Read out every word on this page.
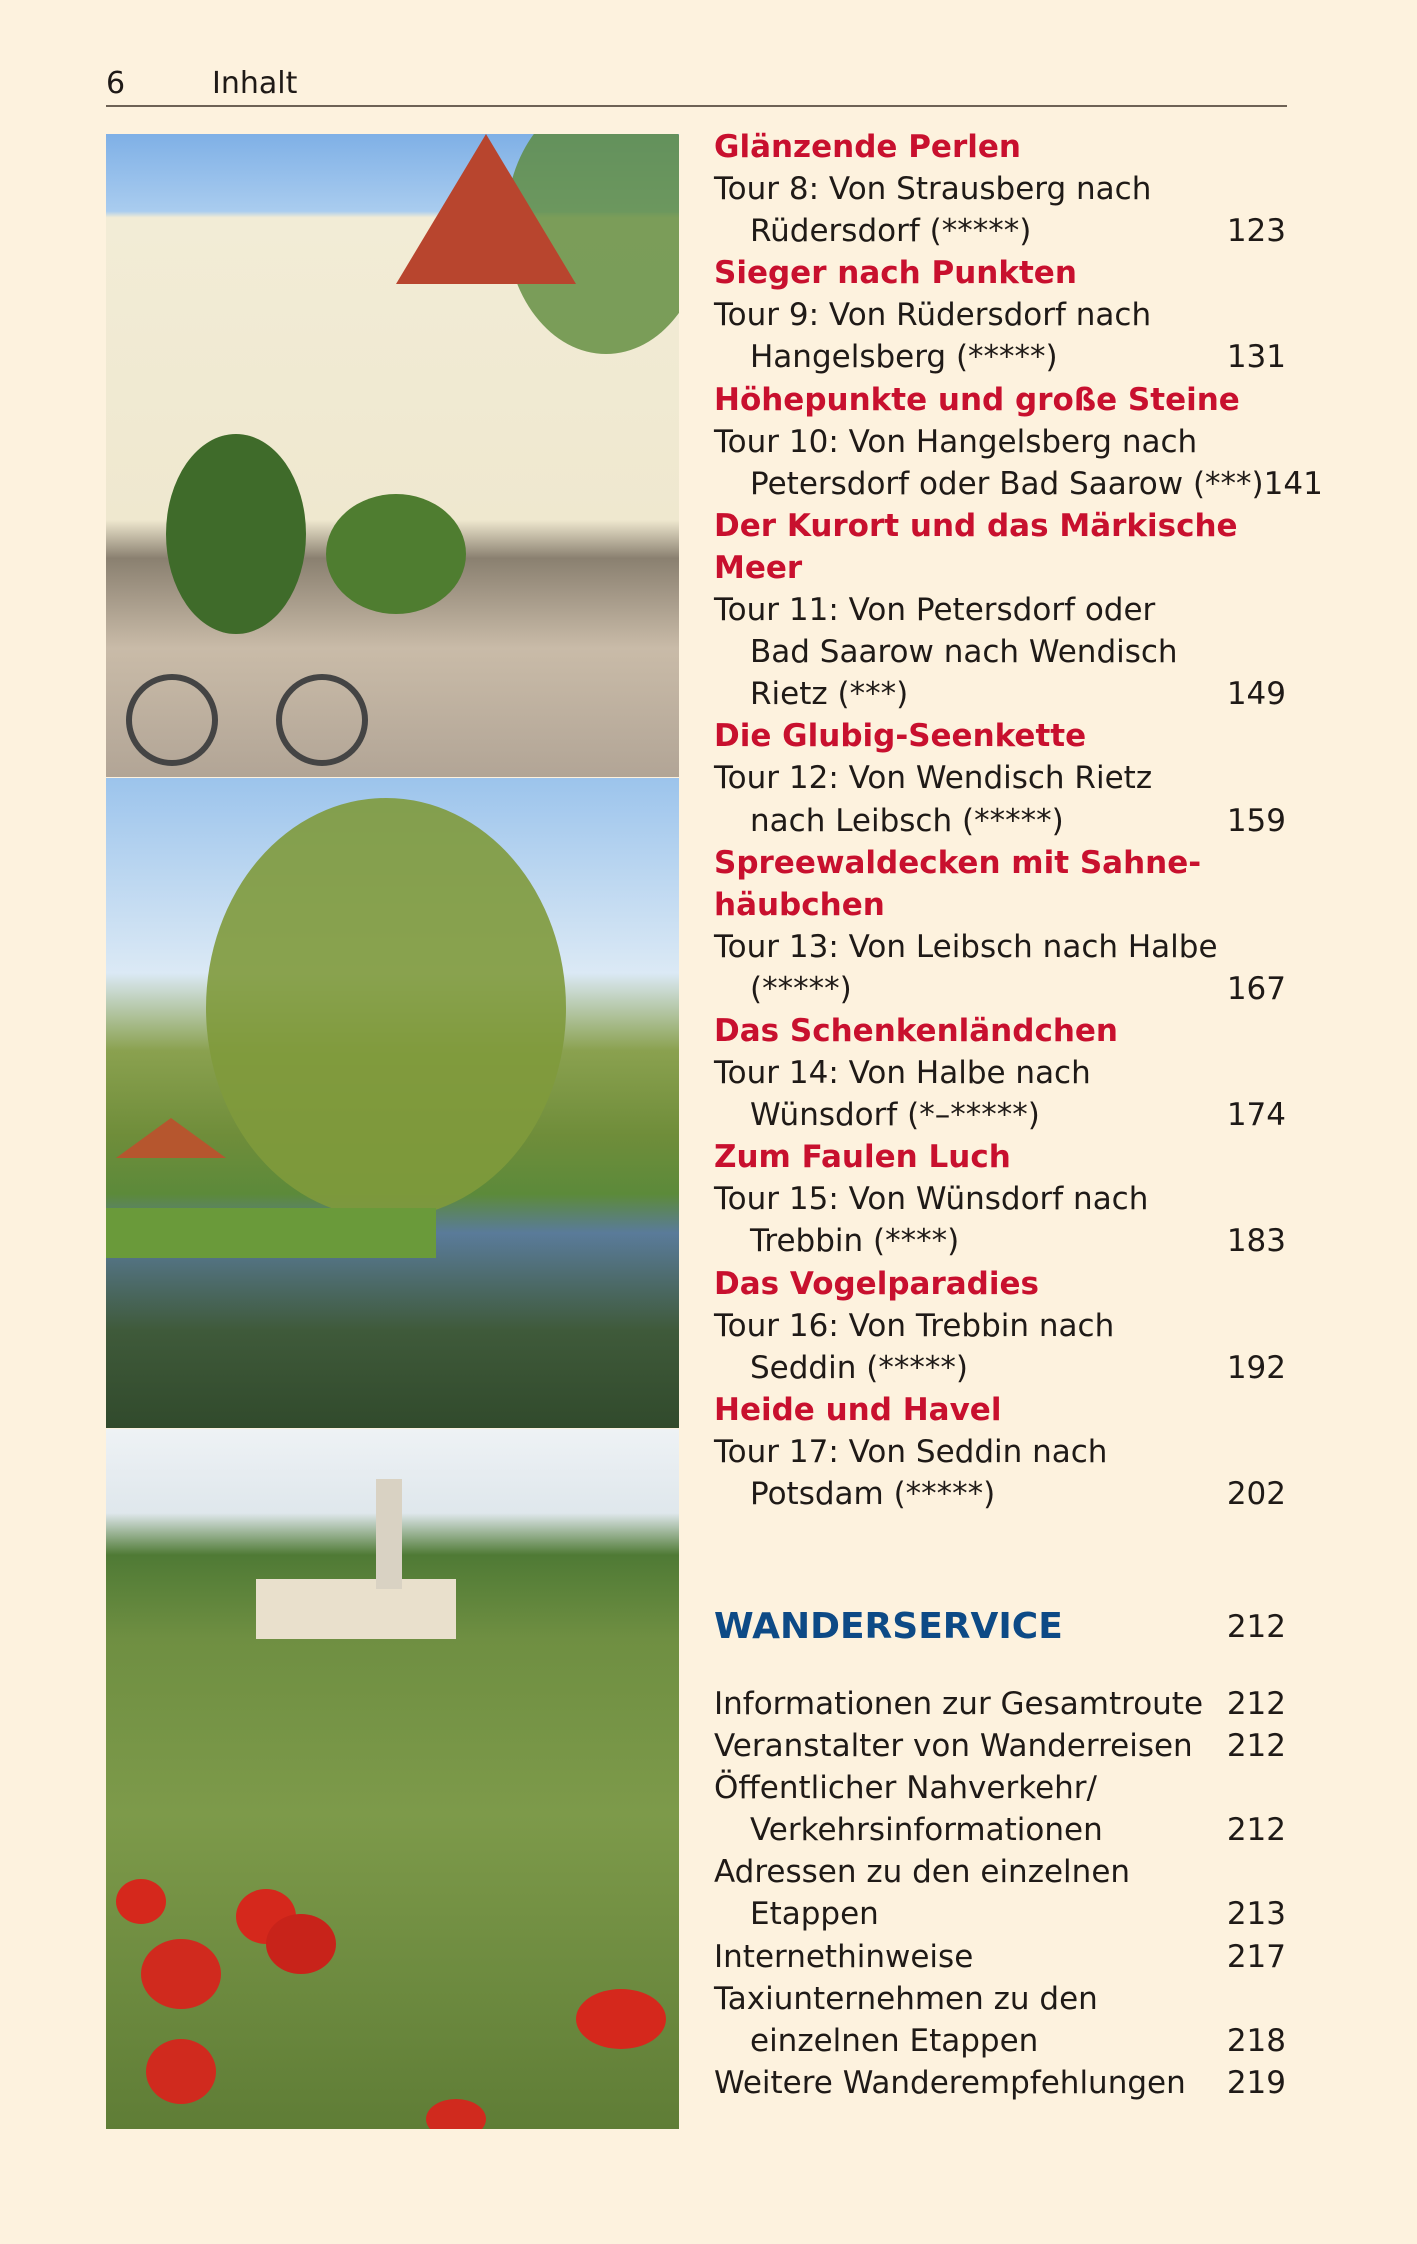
6	Inhalt
Glänzende Perlen
Tour 8: Von Strausberg nach
Rüdersdorf (*****)	123
Sieger nach Punkten
Tour 9: Von Rüdersdorf nach
Hangelsberg (*****)	131
Höhepunkte und große Steine
Tour 10: Von Hangelsberg nach
Petersdorf oder Bad Saarow (***) 141
Der Kurort und das Märkische
Meer
Tour 11: Von Petersdorf oder
Bad Saarow nach Wendisch
Rietz (***)	149
Die Glubig-Seenkette
Tour 12: Von Wendisch Rietz
nach Leibsch (*****)	159
Spreewaldecken mit Sahne-
häubchen
Tour 13: Von Leibsch nach Halbe
(*****)	167
Das Schenkenländchen
Tour 14: Von Halbe nach
Wünsdorf (*–*****)	174
Zum Faulen Luch
Tour 15: Von Wünsdorf nach
Trebbin (****)	183
Das Vogelparadies
Tour 16: Von Trebbin nach
Seddin (*****)	192
Heide und Havel
Tour 17: Von Seddin nach
Potsdam (*****)	202
WANDERSERVICE	212
Informationen zur Gesamtroute 212
Veranstalter von Wanderreisen 212
Öffentlicher Nahverkehr/
Verkehrsinformationen	212
Adressen zu den einzelnen
Etappen	213
Internethinweise	217
Taxiunternehmen zu den
einzelnen Etappen	218
Weitere Wanderempfehlungen 219
